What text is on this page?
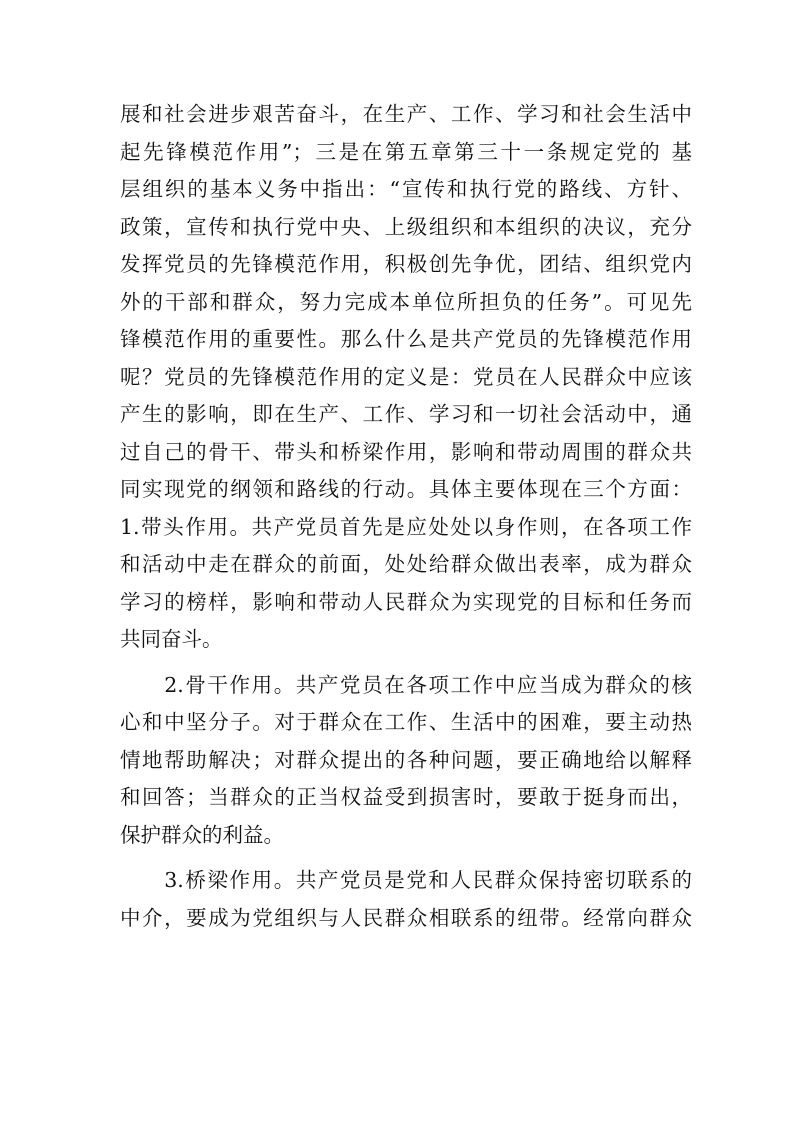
展和社会进步艰苦奋斗，在生产、工作、学习和社会生活中
起先锋模范作用”；三是在第五章第三十一条规定党的 基
层组织的基本义务中指出：“宣传和执行党的路线、方针、
政策，宣传和执行党中央、上级组织和本组织的决议，充分
发挥党员的先锋模范作用，积极创先争优，团结、组织党内
外的干部和群众，努力完成本单位所担负的任务”。可见先
锋模范作用的重要性。那么什么是共产党员的先锋模范作用
呢？党员的先锋模范作用的定义是：党员在人民群众中应该
产生的影响，即在生产、工作、学习和一切社会活动中，通
过自己的骨干、带头和桥梁作用，影响和带动周围的群众共
同实现党的纲领和路线的行动。具体主要体现在三个方面：
1.带头作用。共产党员首先是应处处以身作则，在各项工作
和活动中走在群众的前面，处处给群众做出表率，成为群众
学习的榜样，影响和带动人民群众为实现党的目标和任务而
共同奋斗。
　　2.骨干作用。共产党员在各项工作中应当成为群众的核
心和中坚分子。对于群众在工作、生活中的困难，要主动热
情地帮助解决；对群众提出的各种问题，要正确地给以解释
和回答；当群众的正当权益受到损害时，要敢于挺身而出，
保护群众的利益。
　　3.桥梁作用。共产党员是党和人民群众保持密切联系的
中介，要成为党组织与人民群众相联系的纽带。经常向群众
